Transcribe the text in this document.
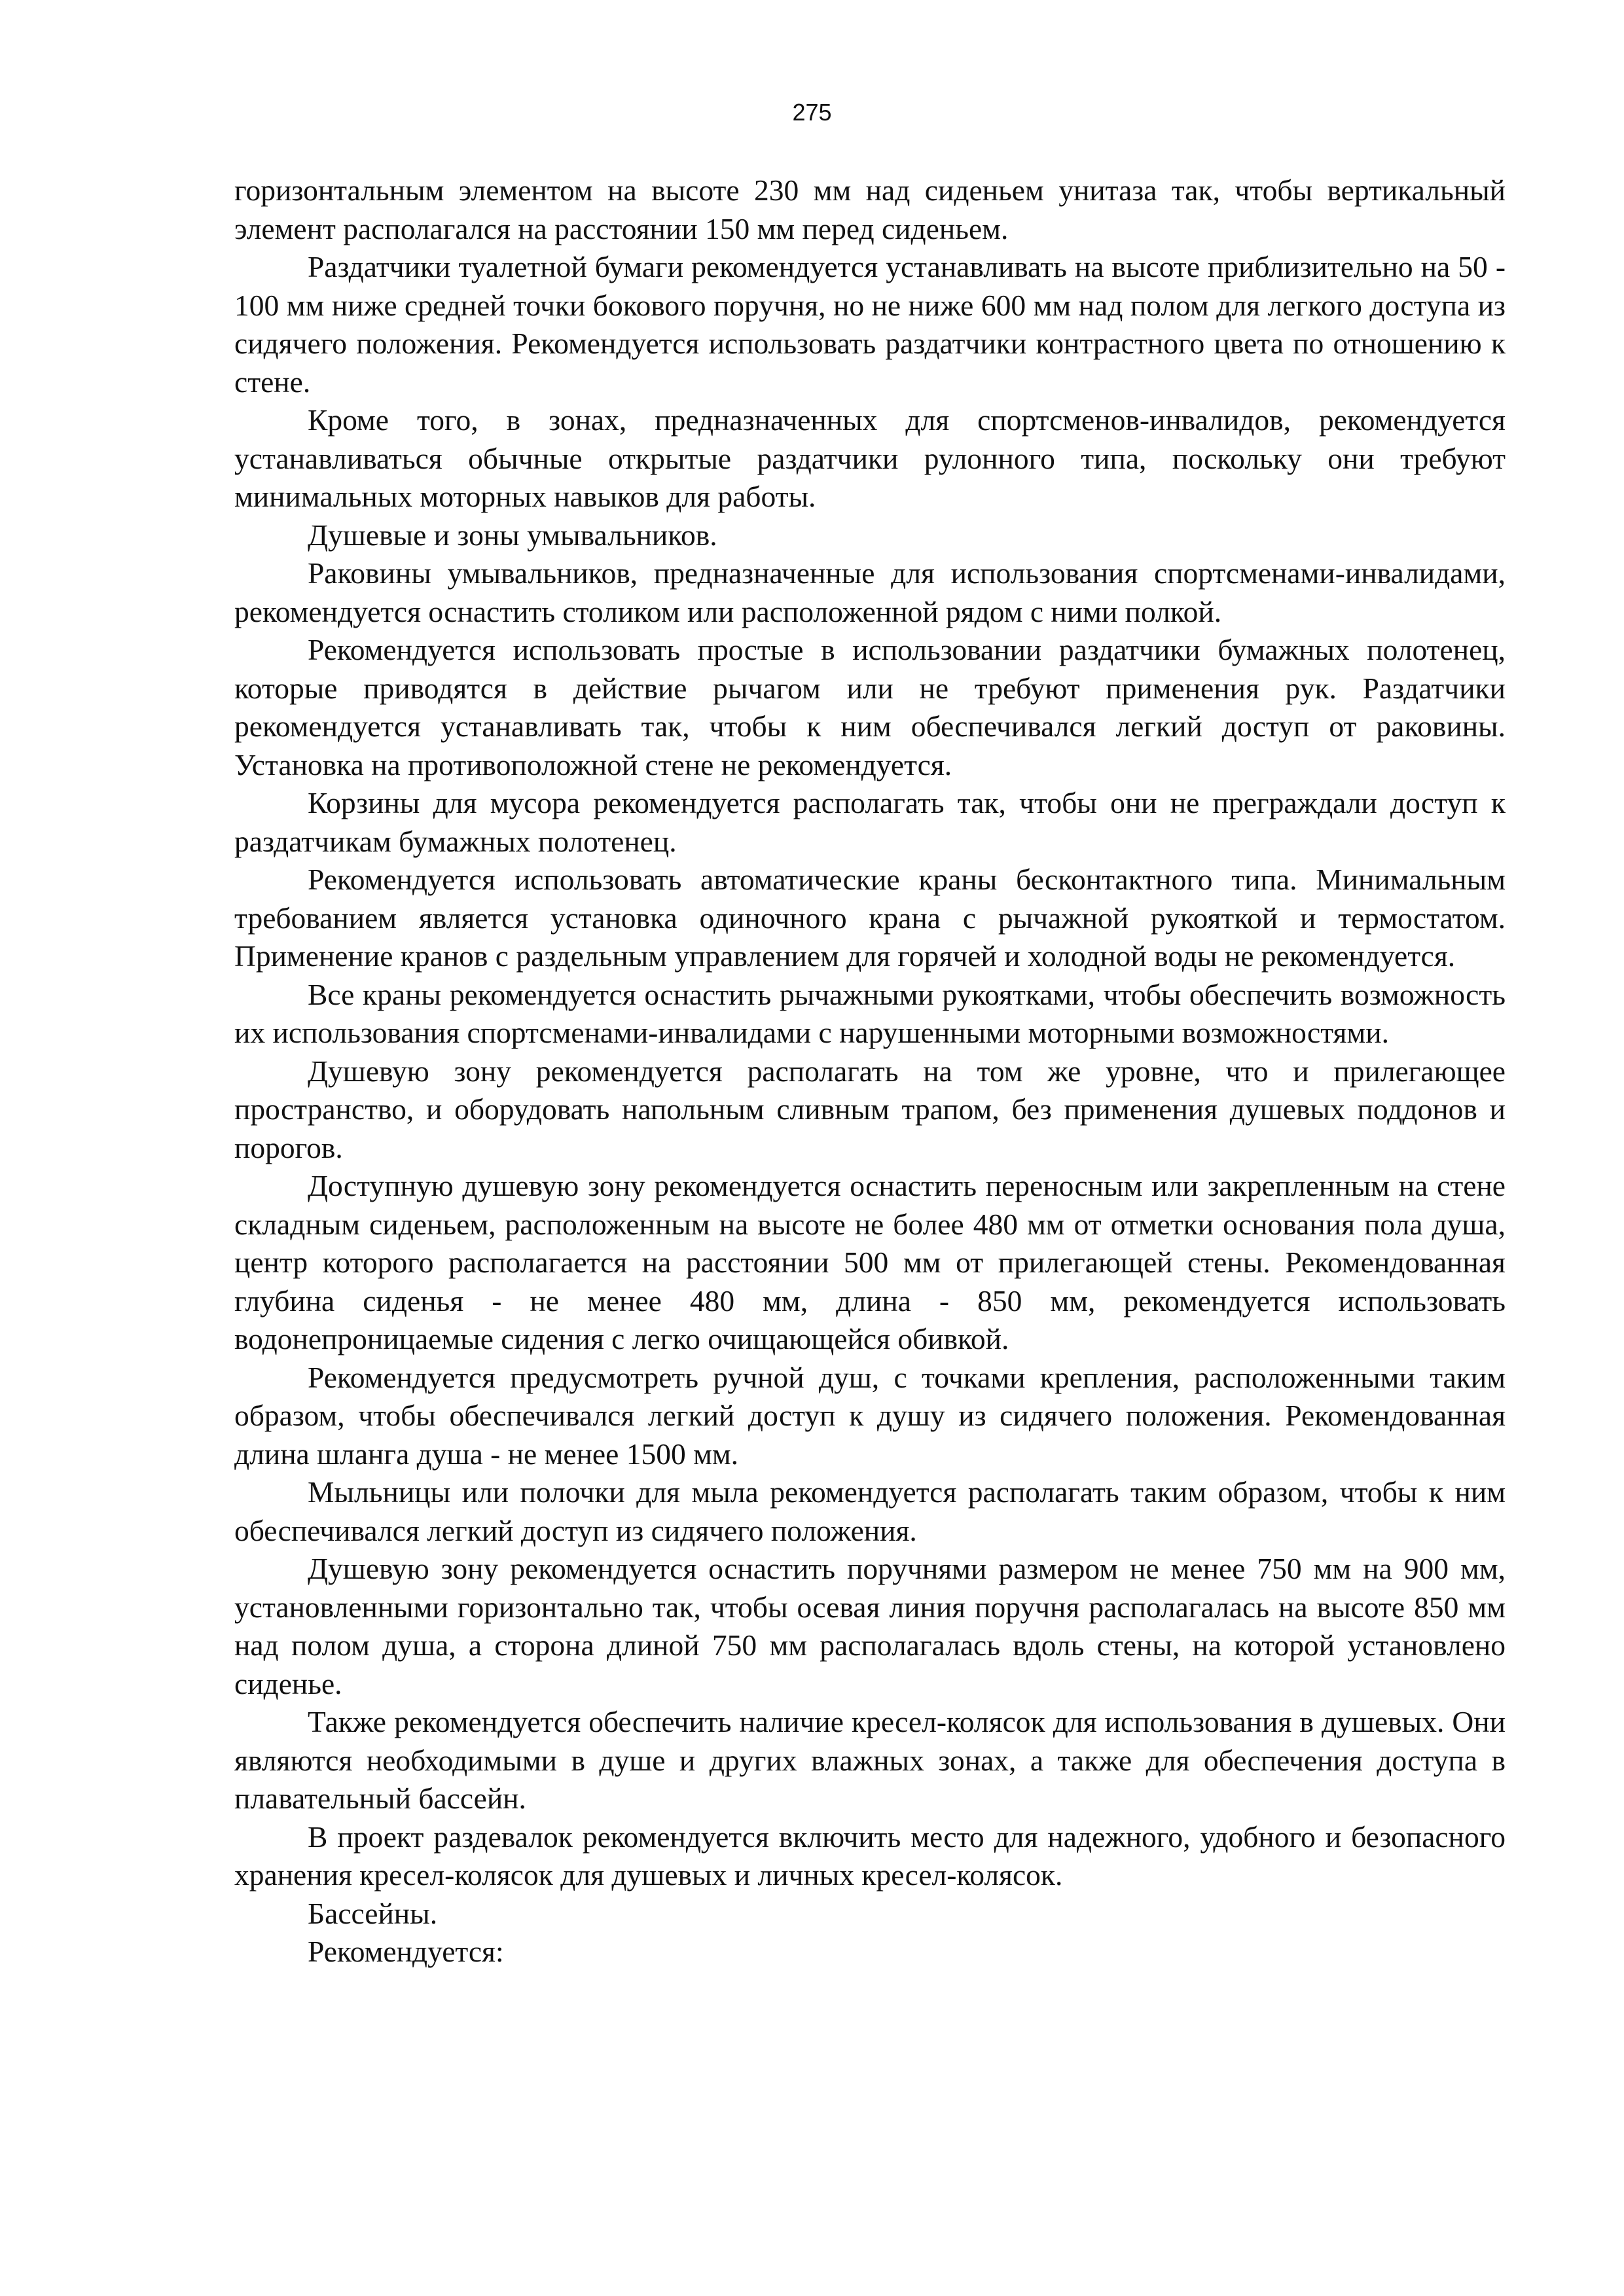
275

горизонтальным элементом на высоте 230 мм над сиденьем унитаза так, чтобы вертикальный элемент располагался на расстоянии 150 мм перед сиденьем.

Раздатчики туалетной бумаги рекомендуется устанавливать на высоте приблизительно на 50 - 100 мм ниже средней точки бокового поручня, но не ниже 600 мм над полом для легкого доступа из сидячего положения. Рекомендуется использовать раздатчики контрастного цвета по отношению к стене.

Кроме того, в зонах, предназначенных для спортсменов-инвалидов, рекомендуется устанавливаться обычные открытые раздатчики рулонного типа, поскольку они требуют минимальных моторных навыков для работы.

Душевые и зоны умывальников.

Раковины умывальников, предназначенные для использования спортсменами-инвалидами, рекомендуется оснастить столиком или расположенной рядом с ними полкой.

Рекомендуется использовать простые в использовании раздатчики бумажных полотенец, которые приводятся в действие рычагом или не требуют применения рук. Раздатчики рекомендуется устанавливать так, чтобы к ним обеспечивался легкий доступ от раковины. Установка на противоположной стене не рекомендуется.

Корзины для мусора рекомендуется располагать так, чтобы они не преграждали доступ к раздатчикам бумажных полотенец.

Рекомендуется использовать автоматические краны бесконтактного типа. Минимальным требованием является установка одиночного крана с рычажной рукояткой и термостатом. Применение кранов с раздельным управлением для горячей и холодной воды не рекомендуется.

Все краны рекомендуется оснастить рычажными рукоятками, чтобы обеспечить возможность их использования спортсменами-инвалидами с нарушенными моторными возможностями.

Душевую зону рекомендуется располагать на том же уровне, что и прилегающее пространство, и оборудовать напольным сливным трапом, без применения душевых поддонов и порогов.

Доступную душевую зону рекомендуется оснастить переносным или закрепленным на стене складным сиденьем, расположенным на высоте не более 480 мм от отметки основания пола душа, центр которого располагается на расстоянии 500 мм от прилегающей стены. Рекомендованная глубина сиденья - не менее 480 мм, длина - 850 мм, рекомендуется использовать водонепроницаемые сидения с легко очищающейся обивкой.

Рекомендуется предусмотреть ручной душ, с точками крепления, расположенными таким образом, чтобы обеспечивался легкий доступ к душу из сидячего положения. Рекомендованная длина шланга душа - не менее 1500 мм.

Мыльницы или полочки для мыла рекомендуется располагать таким образом, чтобы к ним обеспечивался легкий доступ из сидячего положения.

Душевую зону рекомендуется оснастить поручнями размером не менее 750 мм на 900 мм, установленными горизонтально так, чтобы осевая линия поручня располагалась на высоте 850 мм над полом душа, а сторона длиной 750 мм располагалась вдоль стены, на которой установлено сиденье.

Также рекомендуется обеспечить наличие кресел-колясок для использования в душевых. Они являются необходимыми в душе и других влажных зонах, а также для обеспечения доступа в плавательный бассейн.

В проект раздевалок рекомендуется включить место для надежного, удобного и безопасного хранения кресел-колясок для душевых и личных кресел-колясок.

Бассейны.

Рекомендуется:
